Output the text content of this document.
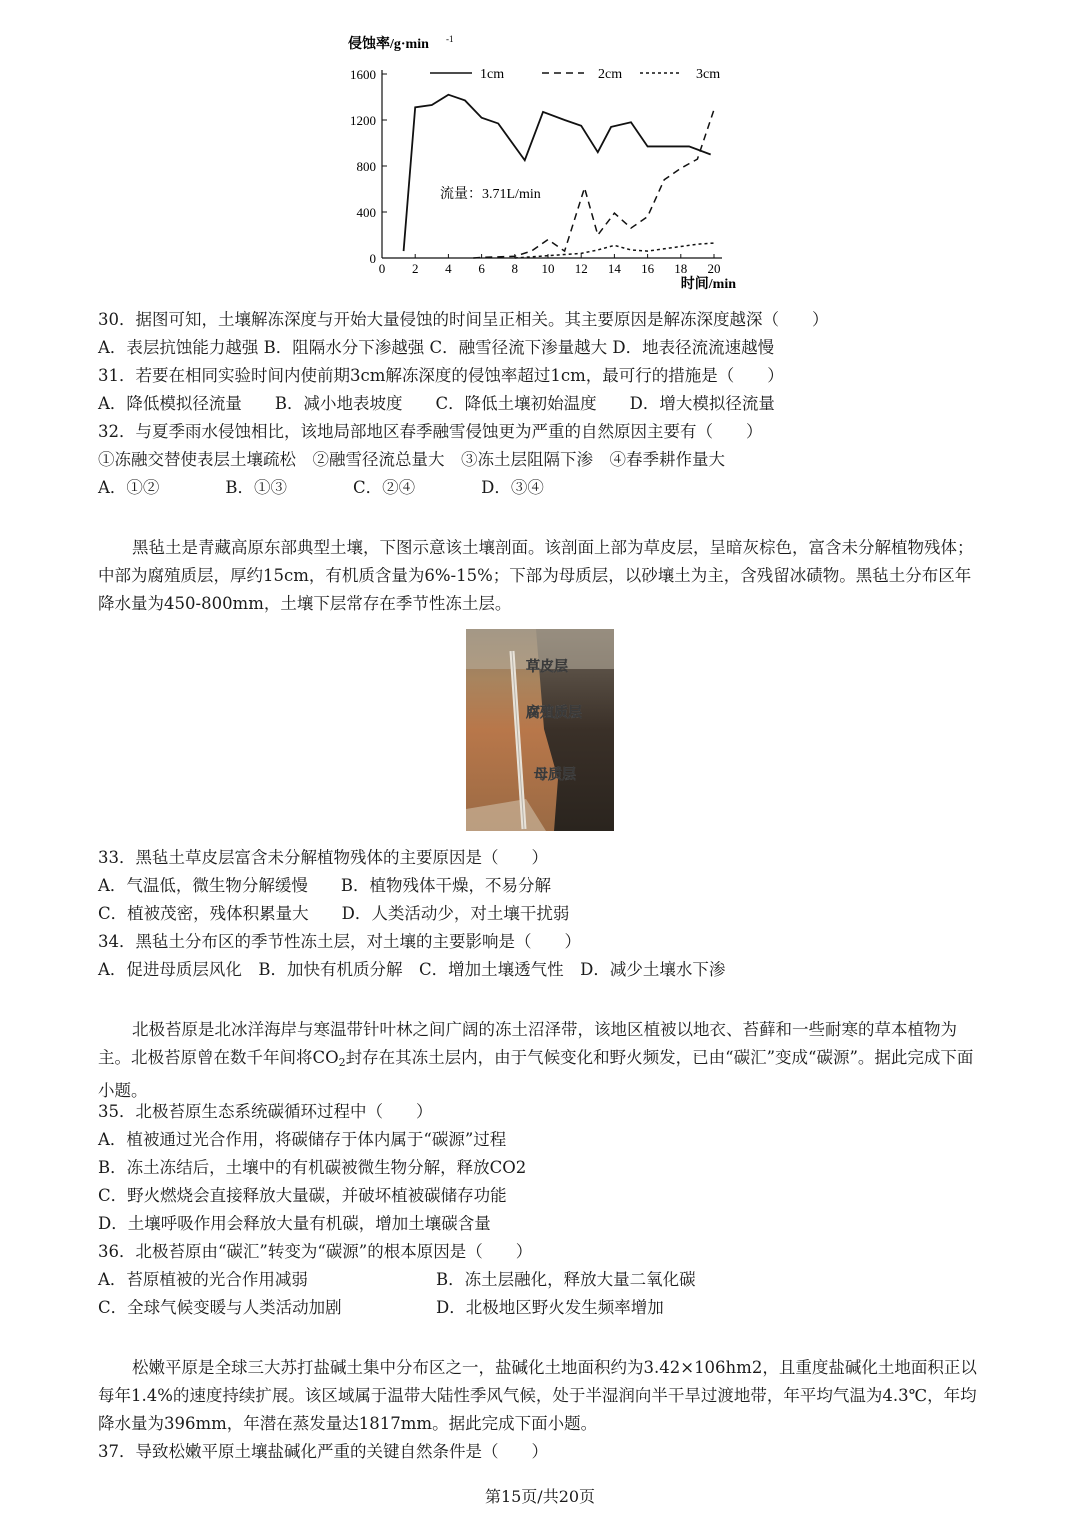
0
400
800
1200
1600
0 2 4 6 8 10 12 14 16 18 20
侵蚀率/g·min -1
时间/min
流量：3.71L/min
1cm	2cm	3cm
30．据图可知，土壤解冻深度与开始大量侵蚀的时间呈正相关。其主要原因是解冻深度越深（　　）
A．表层抗蚀能力越强 B．阻隔水分下渗越强 C．融雪径流下渗量越大 D．地表径流流速越慢
31．若要在相同实验时间内使前期3cm解冻深度的侵蚀率超过1cm，最可行的措施是（　　）
A．降低模拟径流量　　B．减小地表坡度　　C．降低土壤初始温度　　D．增大模拟径流量
32．与夏季雨水侵蚀相比，该地局部地区春季融雪侵蚀更为严重的自然原因主要有（　　）
①冻融交替使表层土壤疏松　②融雪径流总量大　③冻土层阻隔下渗　④春季耕作量大
A．①②　　　　B．①③　　　　C．②④　　　　D．③④
黑毡土是青藏高原东部典型土壤，下图示意该土壤剖面。该剖面上部为草皮层，呈暗灰棕色，富含未分解植物残体；中部为腐殖质层，厚约15cm，有机质含量为6%-15%；下部为母质层，以砂壤土为主，含残留冰碛物。黑毡土分布区年降水量为450-800mm，土壤下层常存在季节性冻土层。
草皮层
腐殖质层
母质层
33．黑毡土草皮层富含未分解植物残体的主要原因是（　　）
A．气温低，微生物分解缓慢　　B．植物残体干燥，不易分解
C．植被茂密，残体积累量大　　D．人类活动少，对土壤干扰弱
34．黑毡土分布区的季节性冻土层，对土壤的主要影响是（　　）
A．促进母质层风化　B．加快有机质分解　C．增加土壤透气性　D．减少土壤水下渗
北极苔原是北冰洋海岸与寒温带针叶林之间广阔的冻土沼泽带，该地区植被以地衣、苔藓和一些耐寒的草本植物为主。北极苔原曾在数千年间将$CO_2$封存在其冻土层内，由于气候变化和野火频发，已由“碳汇”变成“碳源”。据此完成下面小题。
35．北极苔原生态系统碳循环过程中（　　）
A．植被通过光合作用，将碳储存于体内属于“碳源”过程
B．冻土冻结后，土壤中的有机碳被微生物分解，释放CO2
C．野火燃烧会直接释放大量碳，并破坏植被碳储存功能
D．土壤呼吸作用会释放大量有机碳，增加土壤碳含量
36．北极苔原由“碳汇”转变为“碳源”的根本原因是（　　）
A．苔原植被的光合作用减弱	B．冻土层融化，释放大量二氧化碳
C．全球气候变暖与人类活动加剧	D．北极地区野火发生频率增加
松嫩平原是全球三大苏打盐碱土集中分布区之一，盐碱化土地面积约为3.42×106hm2，且重度盐碱化土地面积正以每年1.4%的速度持续扩展。该区域属于温带大陆性季风气候，处于半湿润向半干旱过渡地带，年平均气温为4.3℃，年均降水量为396mm，年潜在蒸发量达1817mm。据此完成下面小题。
37．导致松嫩平原土壤盐碱化严重的关键自然条件是（　　）
第15页/共20页
